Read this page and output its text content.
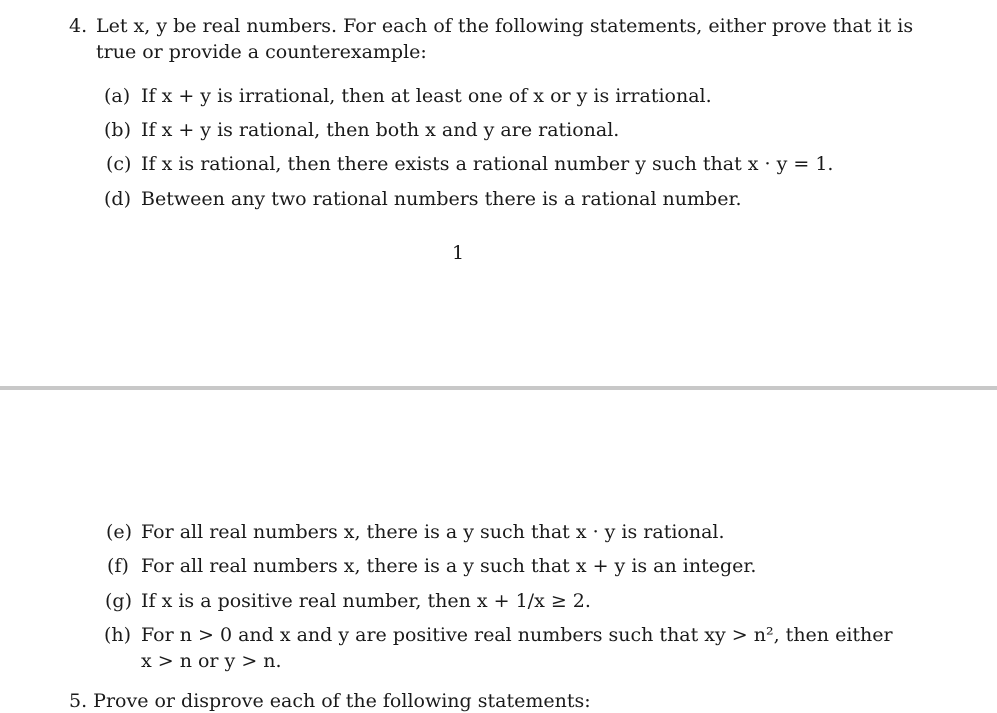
4. Let x, y be real numbers. For each of the following statements, either prove that it is
true or provide a counterexample:
(a) If x + y is irrational, then at least one of x or y is irrational.
(b) If x + y is rational, then both x and y are rational.
(c) If x is rational, then there exists a rational number y such that x · y = 1.
(d) Between any two rational numbers there is a rational number.
1
(e) For all real numbers x, there is a y such that x · y is rational.
(f) For all real numbers x, there is a y such that x + y is an integer.
(g) If x is a positive real number, then x + 1/x ≥ 2.
(h) For n > 0 and x and y are positive real numbers such that xy > n², then either
x > n or y > n.
5. Prove or disprove each of the following statements:
